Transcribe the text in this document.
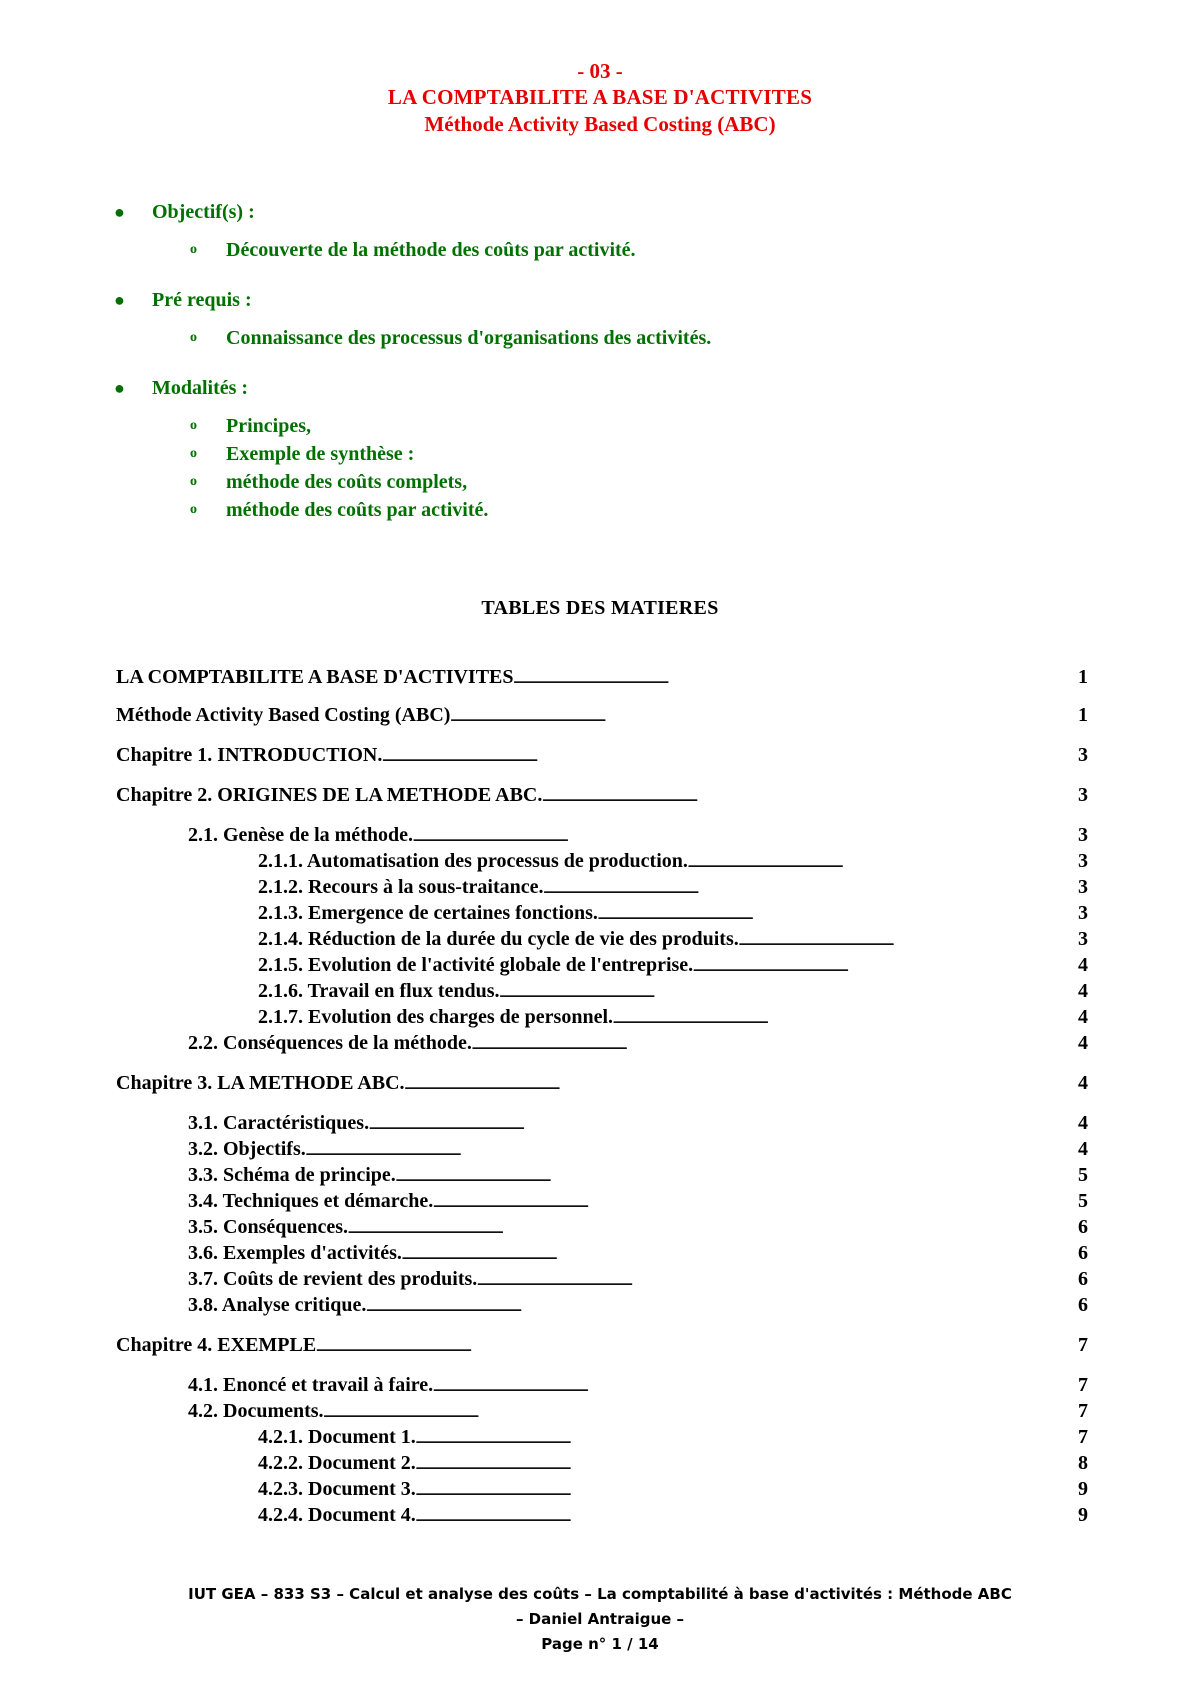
- 03 -
LA COMPTABILITE A BASE D'ACTIVITES
Méthode Activity Based Costing (ABC)
● Objectif(s) :
o Découverte de la méthode des coûts par activité.
● Pré requis :
o Connaissance des processus d'organisations des activités.
● Modalités :
o Principes,
o Exemple de synthèse :
o méthode des coûts complets,
o méthode des coûts par activité.
TABLES DES MATIERES
LA COMPTABILITE A BASE D'ACTIVITES . . .	1
Méthode Activity Based Costing (ABC) . . .	1
Chapitre 1. INTRODUCTION. . . .	3
Chapitre 2. ORIGINES DE LA METHODE ABC. . . .	3
2.1. Genèse de la méthode. . . .	3
2.1.1. Automatisation des processus de production. . . .	3
2.1.2. Recours à la sous-traitance. . . .	3
2.1.3. Emergence de certaines fonctions. . . .	3
2.1.4. Réduction de la durée du cycle de vie des produits. . . .	3
2.1.5. Evolution de l'activité globale de l'entreprise. . . .	4
2.1.6. Travail en flux tendus. . . .	4
2.1.7. Evolution des charges de personnel. . . .	4
2.2. Conséquences de la méthode. . . .	4
Chapitre 3. LA METHODE ABC. . . .	4
3.1. Caractéristiques. . . .	4
3.2. Objectifs. . . .	4
3.3. Schéma de principe. . . .	5
3.4. Techniques et démarche. . . .	5
3.5. Conséquences. . . .	6
3.6. Exemples d'activités. . . .	6
3.7. Coûts de revient des produits. . . .	6
3.8. Analyse critique. . . .	6
Chapitre 4. EXEMPLE . . .	7
4.1. Enoncé et travail à faire. . . .	7
4.2. Documents. . . .	7
4.2.1. Document 1. . . .	7
4.2.2. Document 2. . . .	8
4.2.3. Document 3. . . .	9
4.2.4. Document 4. . . .	9
IUT GEA – 833 S3 – Calcul et analyse des coûts – La comptabilité à base d'activités : Méthode ABC
– Daniel Antraigue –
Page n° 1 / 14
